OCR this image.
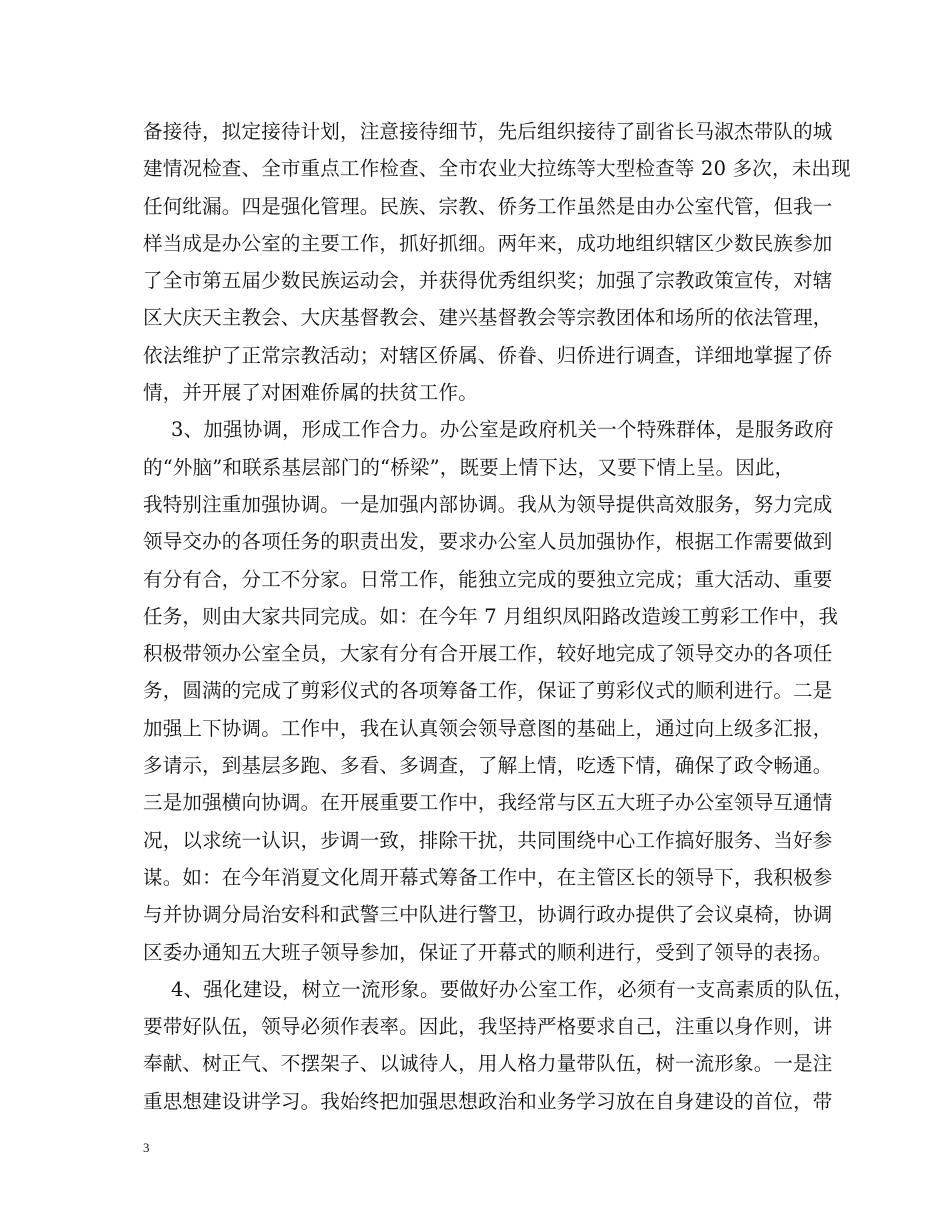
备接待，拟定接待计划，注意接待细节，先后组织接待了副省长马淑杰带队的城
建情况检查、全市重点工作检查、全市农业大拉练等大型检查等 20 多次，未出现
任何纰漏。四是强化管理。民族、宗教、侨务工作虽然是由办公室代管，但我一
样当成是办公室的主要工作，抓好抓细。两年来，成功地组织辖区少数民族参加
了全市第五届少数民族运动会，并获得优秀组织奖；加强了宗教政策宣传，对辖
区大庆天主教会、大庆基督教会、建兴基督教会等宗教团体和场所的依法管理，
依法维护了正常宗教活动；对辖区侨属、侨眷、归侨进行调查，详细地掌握了侨
情，并开展了对困难侨属的扶贫工作。
3、加强协调，形成工作合力。办公室是政府机关一个特殊群体，是服务政府
的“外脑”和联系基层部门的“桥梁”，既要上情下达，又要下情上呈。因此，
我特别注重加强协调。一是加强内部协调。我从为领导提供高效服务，努力完成
领导交办的各项任务的职责出发，要求办公室人员加强协作，根据工作需要做到
有分有合，分工不分家。日常工作，能独立完成的要独立完成；重大活动、重要
任务，则由大家共同完成。如：在今年 7 月组织凤阳路改造竣工剪彩工作中，我
积极带领办公室全员，大家有分有合开展工作，较好地完成了领导交办的各项任
务，圆满的完成了剪彩仪式的各项筹备工作，保证了剪彩仪式的顺利进行。二是
加强上下协调。工作中，我在认真领会领导意图的基础上，通过向上级多汇报，
多请示，到基层多跑、多看、多调查，了解上情，吃透下情，确保了政令畅通。
三是加强横向协调。在开展重要工作中，我经常与区五大班子办公室领导互通情
况，以求统一认识，步调一致，排除干扰，共同围绕中心工作搞好服务、当好参
谋。如：在今年消夏文化周开幕式筹备工作中，在主管区长的领导下，我积极参
与并协调分局治安科和武警三中队进行警卫，协调行政办提供了会议桌椅，协调
区委办通知五大班子领导参加，保证了开幕式的顺利进行，受到了领导的表扬。
4、强化建设，树立一流形象。要做好办公室工作，必须有一支高素质的队伍，
要带好队伍，领导必须作表率。因此，我坚持严格要求自己，注重以身作则，讲
奉献、树正气、不摆架子、以诚待人，用人格力量带队伍，树一流形象。一是注
重思想建设讲学习。我始终把加强思想政治和业务学习放在自身建设的首位，带
3
